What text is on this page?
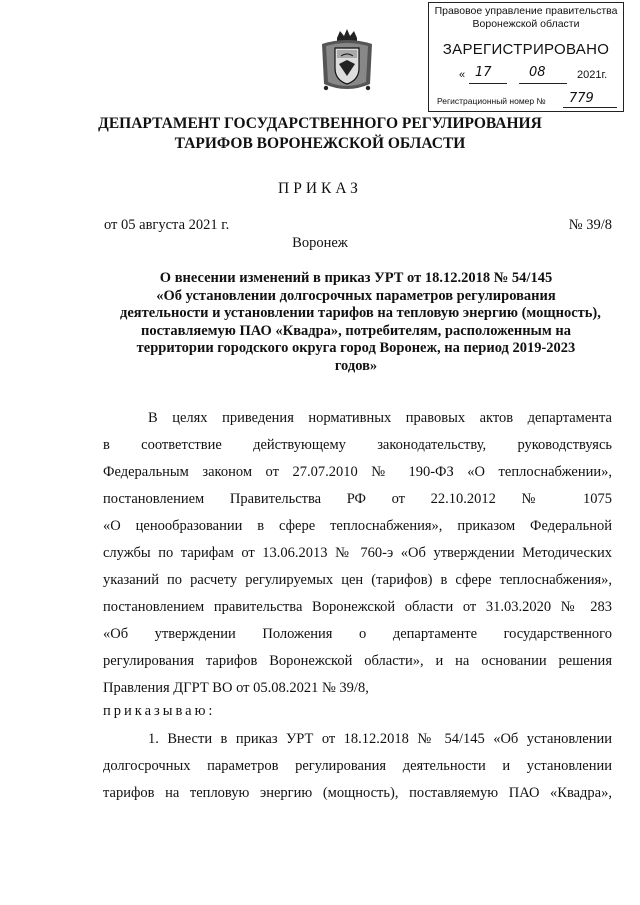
Правовое управление правительства
Воронежской области
ЗАРЕГИСТРИРОВАНО
« 17	08	2021г.
Регистрационный номер № 779
ДЕПАРТАМЕНТ ГОСУДАРСТВЕННОГО РЕГУЛИРОВАНИЯ
ТАРИФОВ ВОРОНЕЖСКОЙ ОБЛАСТИ
ПРИКАЗ
от 05 августа 2021 г.	№ 39/8
Воронеж
О внесении изменений в приказ УРТ от 18.12.2018 № 54/145
«Об установлении долгосрочных параметров регулирования
деятельности и установлении тарифов на тепловую энергию (мощность),
поставляемую ПАО «Квадра», потребителям, расположенным на
территории городского округа город Воронеж, на период 2019-2023
годов»
В целях приведения нормативных правовых актов департамента
в соответствие действующему законодательству, руководствуясь
Федеральным законом от 27.07.2010 № 190-ФЗ «О теплоснабжении»,
постановлением Правительства РФ от 22.10.2012 № 1075
«О ценообразовании в сфере теплоснабжения», приказом Федеральной
службы по тарифам от 13.06.2013 № 760-э «Об утверждении Методических
указаний по расчету регулируемых цен (тарифов) в сфере теплоснабжения»,
постановлением правительства Воронежской области от 31.03.2020 № 283
«Об утверждении Положения о департаменте государственного
регулирования тарифов Воронежской области», и на основании решения
Правления ДГРТ ВО от 05.08.2021 № 39/8,
приказываю:
1. Внести в приказ УРТ от 18.12.2018 № 54/145 «Об установлении
долгосрочных параметров регулирования деятельности и установлении
тарифов на тепловую энергию (мощность), поставляемую ПАО «Квадра»,
